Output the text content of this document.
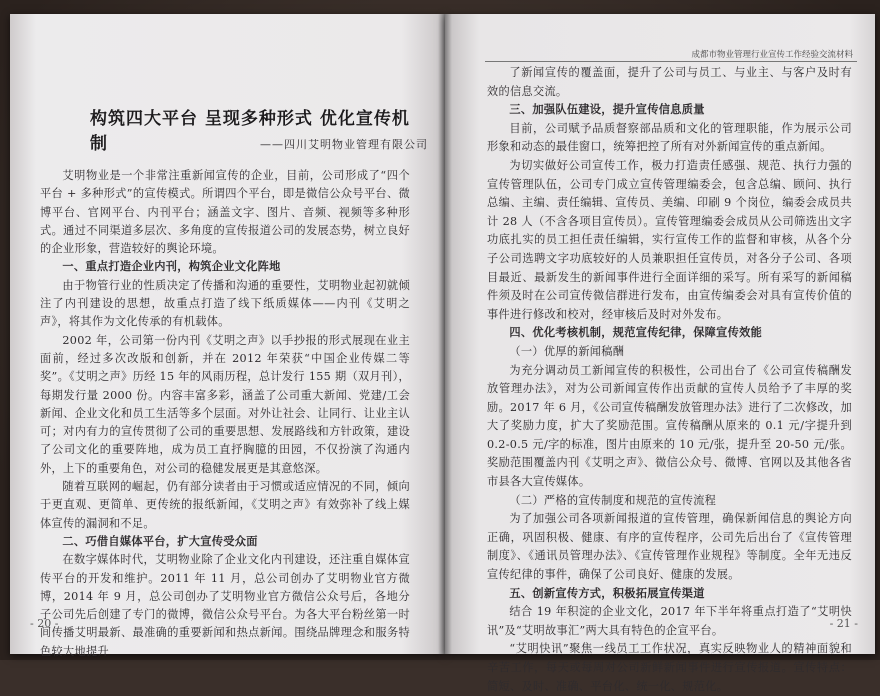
构筑四大平台 呈现多种形式 优化宣传机制	——四川艾明物业管理有限公司

艾明物业是一个非常注重新闻宣传的企业，目前，公司形成了“四个平台 + 多种形式”的宣传模式。所谓四个平台，即是微信公众号平台、微博平台、官网平台、内刊平台；涵盖文字、图片、音频、视频等多种形式。通过不同渠道多层次、多角度的宣传报道公司的发展态势，树立良好的企业形象，营造较好的舆论环境。

一、重点打造企业内刊，构筑企业文化阵地

由于物管行业的性质决定了传播和沟通的重要性，艾明物业起初就倾注了内刊建设的思想，故重点打造了线下纸质媒体——内刊《艾明之声》，将其作为文化传承的有机载体。

2002 年，公司第一份内刊《艾明之声》以手抄报的形式展现在业主面前，经过多次改版和创新，并在 2012 年荣获“中国企业传媒二等奖”。《艾明之声》历经 15 年的风雨历程，总计发行 155 期（双月刊），每期发行量 2000 份。内容丰富多彩，涵盖了公司重大新闻、党建/工会新闻、企业文化和员工生活等多个层面。对外让社会、让同行、让业主认可；对内有力的宣传贯彻了公司的重要思想、发展路线和方针政策，建设了公司文化的重要阵地，成为员工直抒胸臆的田园，不仅扮演了沟通内外，上下的重要角色，对公司的稳健发展更是其意悠深。

随着互联网的崛起，仍有部分读者由于习惯或适应情况的不同，倾向于更直观、更简单、更传统的报纸新闻，《艾明之声》有效弥补了线上媒体宣传的漏洞和不足。

二、巧借自媒体平台，扩大宣传受众面

在数字媒体时代，艾明物业除了企业文化内刊建设，还注重自媒体宣传平台的开发和维护。2011 年 11 月，总公司创办了艾明物业官方微博，2014 年 9 月，总公司创办了艾明物业官方微信公众号后，各地分子公司先后创建了专门的微博，微信公众号平台。为各大平台粉丝第一时间传播艾明最新、最准确的重要新闻和热点新闻。围绕品牌理念和服务特色较大地提升

- 20 -
成都市物业管理行业宣传工作经验交流材料

了新闻宣传的覆盖面，提升了公司与员工、与业主、与客户及时有效的信息交流。

三、加强队伍建设，提升宣传信息质量

目前，公司赋予品质督察部品质和文化的管理职能，作为展示公司形象和动态的最佳窗口，统筹把控了所有对外新闻宣传的重点新闻。

为切实做好公司宣传工作，极力打造责任感强、规范、执行力强的宣传管理队伍，公司专门成立宣传管理编委会，包含总编、顾问、执行总编、主编、责任编辑、宣传员、美编、印刷 9 个岗位，编委会成员共计 28 人（不含各项目宣传员）。宣传管理编委会成员从公司筛选出文字功底扎实的员工担任责任编辑，实行宣传工作的监督和审核，从各个分子公司选聘文字功底较好的人员兼职担任宣传员，对各分子公司、各项目最近、最新发生的新闻事件进行全面详细的采写。所有采写的新闻稿件须及时在公司宣传微信群进行发布，由宣传编委会对具有宣传价值的事件进行修改和校对，经审核后及时对外发布。

四、优化考核机制，规范宣传纪律，保障宣传效能

（一）优厚的新闻稿酬

为充分调动员工新闻宣传的积极性，公司出台了《公司宣传稿酬发放管理办法》，对为公司新闻宣传作出贡献的宣传人员给予了丰厚的奖励。2017 年 6 月，《公司宣传稿酬发放管理办法》进行了二次修改，加大了奖励力度，扩大了奖励范围。宣传稿酬从原来的 0.1 元/字提升到 0.2-0.5 元/字的标准，图片由原来的 10 元/张，提升至 20-50 元/张。奖励范围覆盖内刊《艾明之声》、微信公众号、微博、官网以及其他各省市县各大宣传媒体。

（二）严格的宣传制度和规范的宣传流程

为了加强公司各项新闻报道的宣传管理，确保新闻信息的舆论方向正确，巩固积极、健康、有序的宣传程序，公司先后出台了《宣传管理制度》、《通讯员管理办法》、《宣传管理作业规程》等制度。全年无违反宣传纪律的事件，确保了公司良好、健康的发展。

五、创新宣传方式，积极拓展宣传渠道

结合 19 年积淀的企业文化，2017 年下半年将重点打造了“艾明快讯”及“艾明故事汇”两大具有特色的企宣平台。

“艾明快讯”聚焦一线员工工作状况，真实反映物业人的精神面貌和辛苦工作，每天或每周对公司新鲜新闻事件进行宣传报道。宣传特点：简短、及时、准确、平台化、统一化、规范化。

- 21 -
